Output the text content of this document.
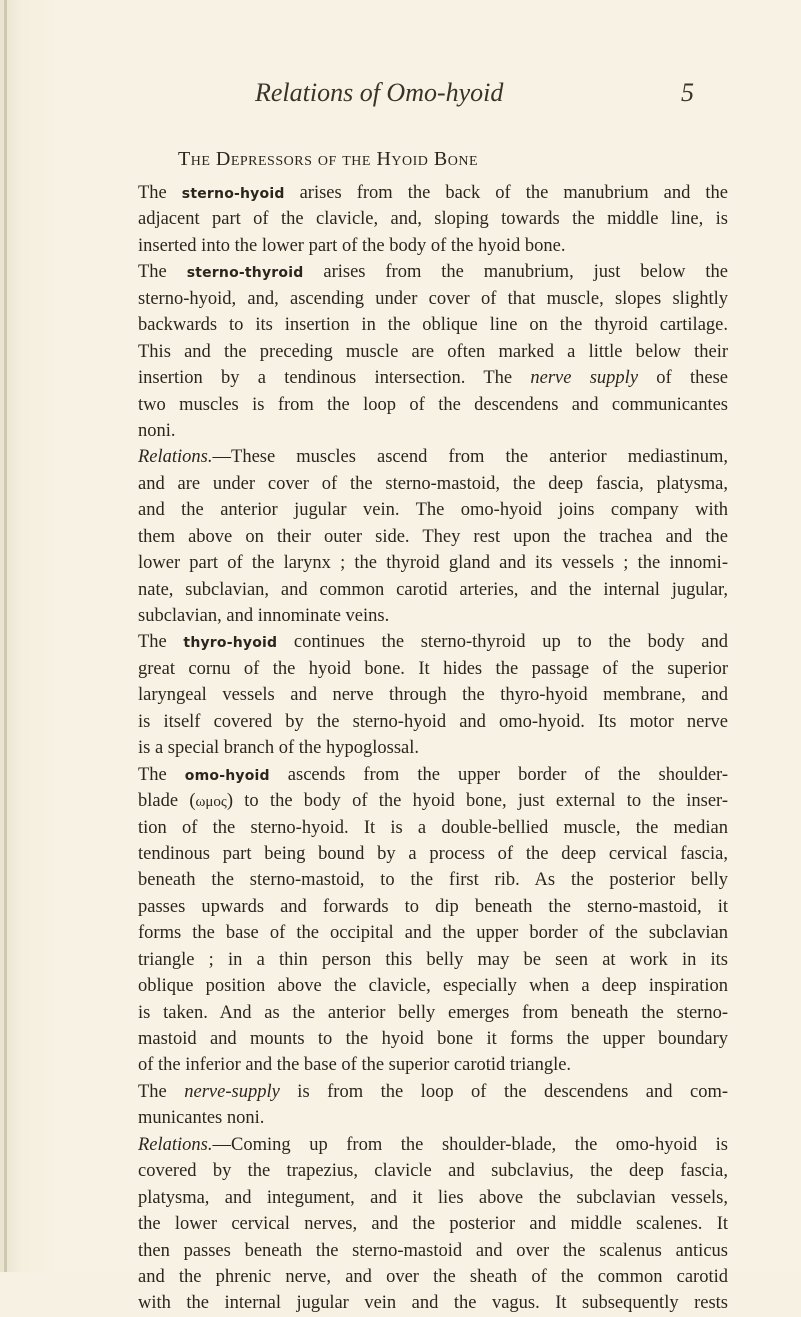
Relations of Omo-hyoid	5
The Depressors of the Hyoid Bone
The sterno-hyoid arises from the back of the manubrium and the
adjacent part of the clavicle, and, sloping towards the middle line, is
inserted into the lower part of the body of the hyoid bone.
The sterno-thyroid arises from the manubrium, just below the
sterno-hyoid, and, ascending under cover of that muscle, slopes slightly
backwards to its insertion in the oblique line on the thyroid cartilage.
This and the preceding muscle are often marked a little below their
insertion by a tendinous intersection. The nerve supply of these
two muscles is from the loop of the descendens and communicantes
noni.
Relations.—These muscles ascend from the anterior mediastinum,
and are under cover of the sterno-mastoid, the deep fascia, platysma,
and the anterior jugular vein. The omo-hyoid joins company with
them above on their outer side. They rest upon the trachea and the
lower part of the larynx ; the thyroid gland and its vessels ; the innomi-
nate, subclavian, and common carotid arteries, and the internal jugular,
subclavian, and innominate veins.
The thyro-hyoid continues the sterno-thyroid up to the body and
great cornu of the hyoid bone. It hides the passage of the superior
laryngeal vessels and nerve through the thyro-hyoid membrane, and
is itself covered by the sterno-hyoid and omo-hyoid. Its motor nerve
is a special branch of the hypoglossal.
The omo-hyoid ascends from the upper border of the shoulder-
blade (ωμος) to the body of the hyoid bone, just external to the inser-
tion of the sterno-hyoid. It is a double-bellied muscle, the median
tendinous part being bound by a process of the deep cervical fascia,
beneath the sterno-mastoid, to the first rib. As the posterior belly
passes upwards and forwards to dip beneath the sterno-mastoid, it
forms the base of the occipital and the upper border of the subclavian
triangle ; in a thin person this belly may be seen at work in its
oblique position above the clavicle, especially when a deep inspiration
is taken. And as the anterior belly emerges from beneath the sterno-
mastoid and mounts to the hyoid bone it forms the upper boundary
of the inferior and the base of the superior carotid triangle.
The nerve-supply is from the loop of the descendens and com-
municantes noni.
Relations.—Coming up from the shoulder-blade, the omo-hyoid is
covered by the trapezius, clavicle and subclavius, the deep fascia,
platysma, and integument, and it lies above the subclavian vessels,
the lower cervical nerves, and the posterior and middle scalenes. It
then passes beneath the sterno-mastoid and over the scalenus anticus
and the phrenic nerve, and over the sheath of the common carotid
with the internal jugular vein and the vagus. It subsequently rests
